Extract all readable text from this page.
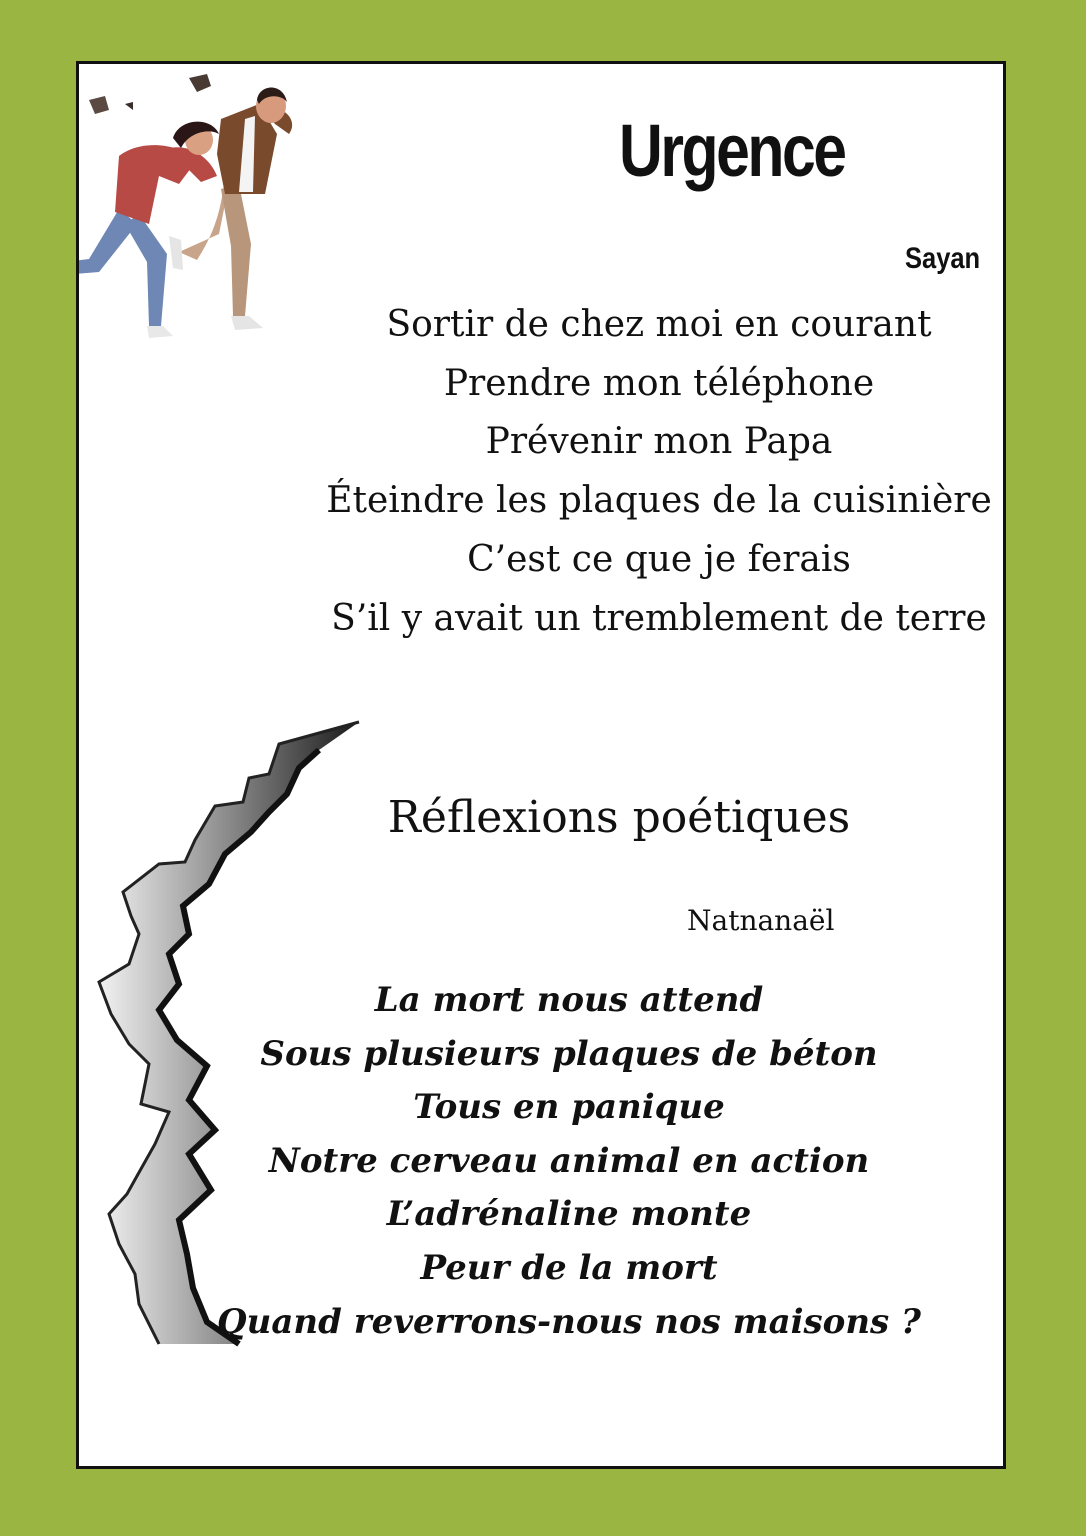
Urgence
Sayan
Sortir de chez moi en courant
Prendre mon téléphone
Prévenir mon Papa
Éteindre les plaques de la cuisinière
C’est ce que je ferais
S’il y avait un tremblement de terre
Réflexions poétiques
Natnanaël
La mort nous attend
Sous plusieurs plaques de béton
Tous en panique
Notre cerveau animal en action
L’adrénaline monte
Peur de la mort
Quand reverrons-nous nos maisons ?
